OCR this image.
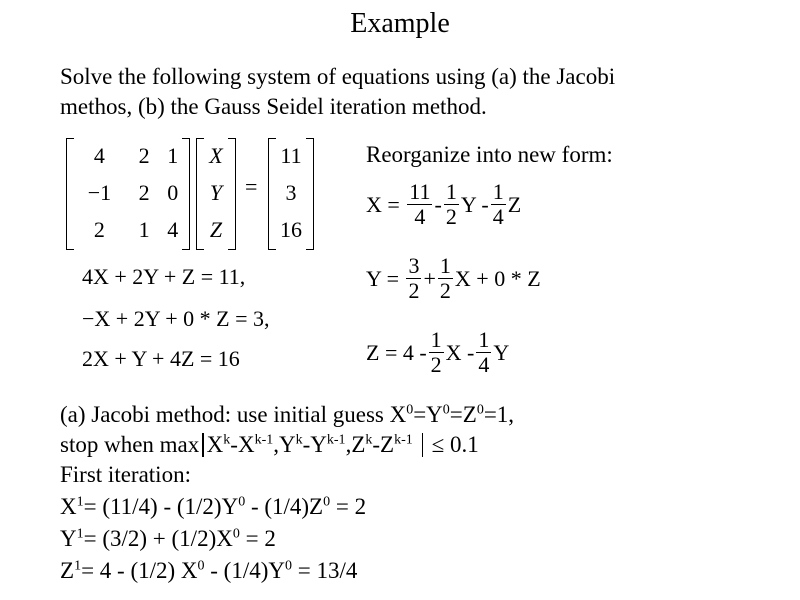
Example
Solve the following system of equations using (a) the Jacobi
methos, (b) the Gauss Seidel iteration method.
4	2	1
−1	2	0
2	1	4
X
Y
Z
=
11
3
16
4X + 2Y + Z = 11,
−X + 2Y + 0 * Z = 3,
2X + Y + 4Z = 16
Reorganize into new form:
X =
$\frac{11}{4} - \frac{1}{2}$ Y - $\frac{1}{4}$ Z
Y =
$\frac{3}{2} + \frac{1}{2}$ X + 0 * Z
$Z = 4 - \frac{1}{2}$ X - $\frac{1}{4}$ Y
(a) Jacobi method: use initial guess $X^0=Y^0=Z^0=1$,
stop when $\max X^k-X^{k-1},Y^k-Y^{k-1},Z^k-Z^{k-1} \le 0.1$
First iteration:
$X^1= (11/4) - (1/2)Y^0 - (1/4)Z^0 = 2$
$Y^1= (3/2) + (1/2)X^0 = 2$
$Z^1= 4 - (1/2)$ $X^0 - (1/4)Y^0 = 13/4$
